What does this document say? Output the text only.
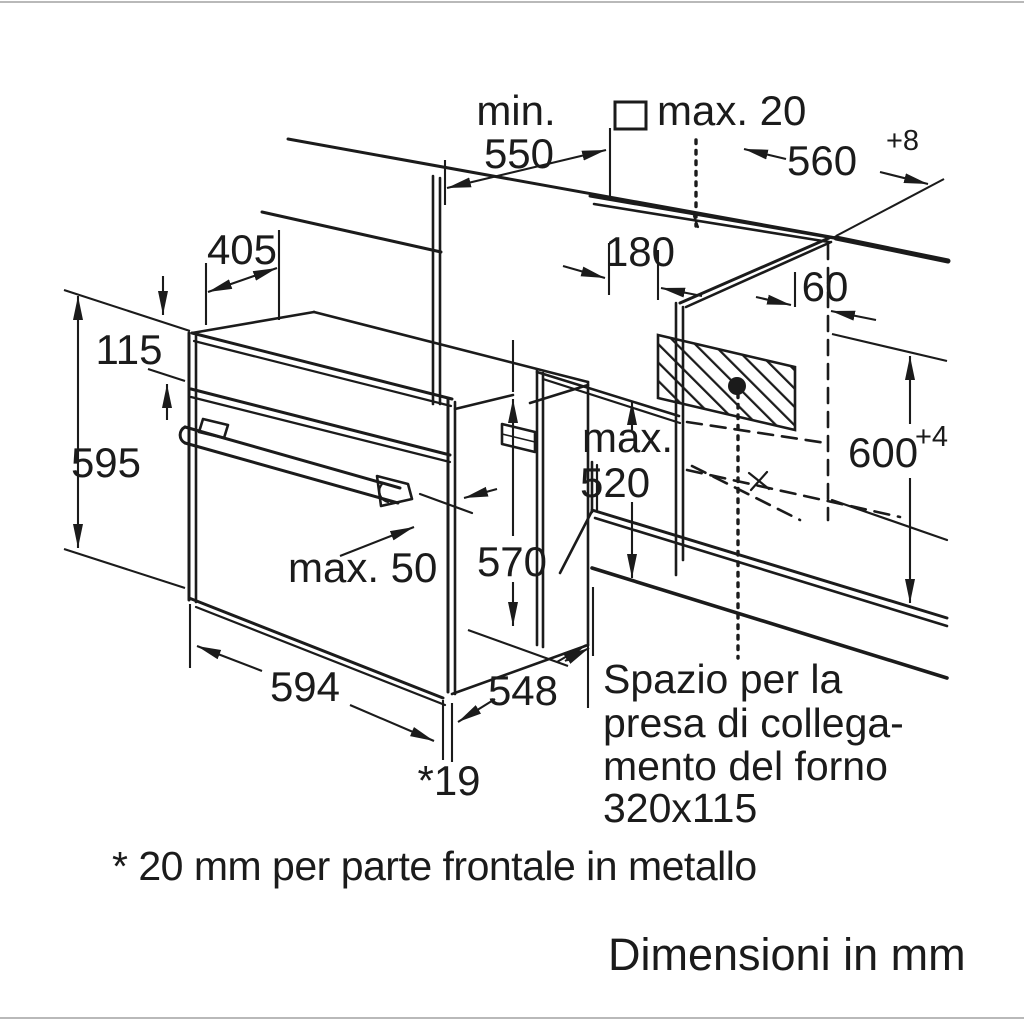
min.
550
max. 20
560 +8
405
115
595
180
60
max.
520
600
+4
570
max. 50
594	548
*19
Spazio per la
presa di collega-
mento del forno
320x115
* 20 mm per parte frontale in metallo
Dimensioni in mm
